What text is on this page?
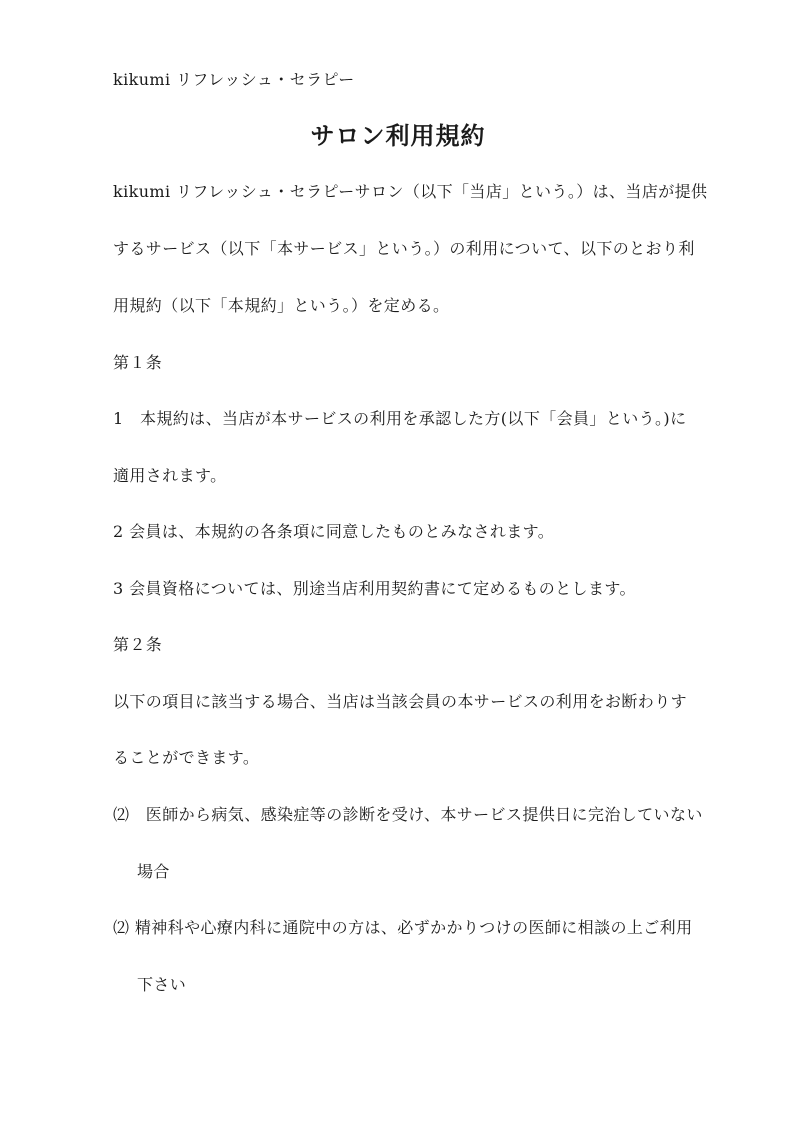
kikumi リフレッシュ・セラピー
サロン利用規約
kikumi リフレッシュ・セラピーサロン（以下「当店」という。）は、当店が提供
するサービス（以下「本サービス」という。）の利用について、以下のとおり利
用規約（以下「本規約」という。）を定める。
第１条
1　本規約は、当店が本サービスの利用を承認した方(以下「会員」という。)に
適用されます。
2 会員は、本規約の各条項に同意したものとみなされます。
3 会員資格については、別途当店利用契約書にて定めるものとします。
第２条
以下の項目に該当する場合、当店は当該会員の本サービスの利用をお断わりす
ることができます。
⑵　医師から病気、感染症等の診断を受け、本サービス提供日に完治していない
場合
⑵ 精神科や心療内科に通院中の方は、必ずかかりつけの医師に相談の上ご利用
下さい
